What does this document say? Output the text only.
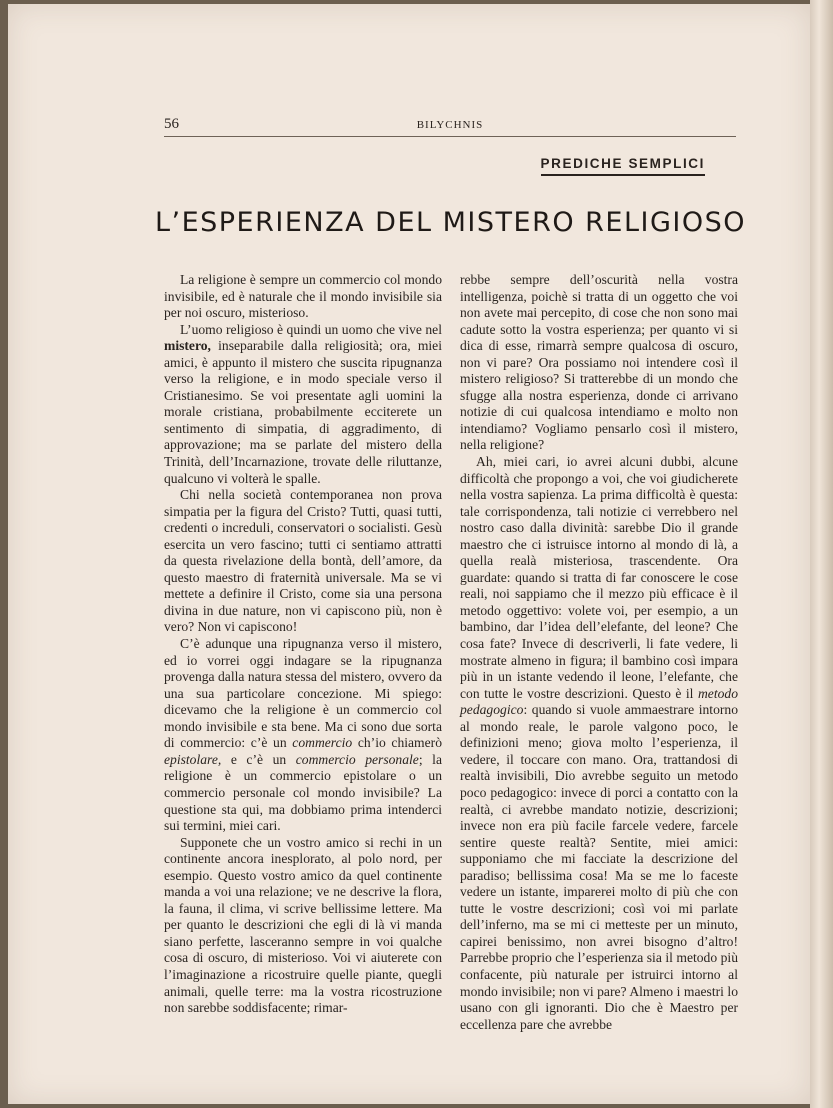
56	BILYCHNIS
PREDICHE SEMPLICI
L’ESPERIENZA DEL MISTERO RELIGIOSO

La religione è sempre un commercio col mondo invisibile, ed è naturale che il mondo invisibile sia per noi oscuro, misterioso.

L’uomo religioso è quindi un uomo che vive nel mistero, inseparabile dalla religiosità; ora, miei amici, è appunto il mistero che suscita ripugnanza verso la religione, e in modo speciale verso il Cristianesimo. Se voi presentate agli uomini la morale cristiana, probabilmente ecciterete un sentimento di simpatia, di aggradimento, di approvazione; ma se parlate del mistero della Trinità, dell’Incarnazione, trovate delle riluttanze, qualcuno vi volterà le spalle.

Chi nella società contemporanea non prova simpatia per la figura del Cristo? Tutti, quasi tutti, credenti o increduli, conservatori o socialisti. Gesù esercita un vero fascino; tutti ci sentiamo attratti da questa rivelazione della bontà, dell’amore, da questo maestro di fraternità universale. Ma se vi mettete a definire il Cristo, come sia una persona divina in due nature, non vi capiscono più, non è vero? Non vi capiscono!

C’è adunque una ripugnanza verso il mistero, ed io vorrei oggi indagare se la ripugnanza provenga dalla natura stessa del mistero, ovvero da una sua particolare concezione. Mi spiego: dicevamo che la religione è un commercio col mondo invisibile e sta bene. Ma ci sono due sorta di commercio: c’è un commercio ch’io chiamerò epistolare, e c’è un commercio personale; la religione è un commercio epistolare o un commercio personale col mondo invisibile? La questione sta qui, ma dobbiamo prima intenderci sui termini, miei cari.

Supponete che un vostro amico si rechi in un continente ancora inesplorato, al polo nord, per esempio. Questo vostro amico da quel continente manda a voi una relazione; ve ne descrive la flora, la fauna, il clima, vi scrive bellissime lettere. Ma per quanto le descrizioni che egli di là vi manda siano perfette, lasceranno sempre in voi qualche cosa di oscuro, di misterioso. Voi vi aiuterete con l’imaginazione a ricostruire quelle piante, quegli animali, quelle terre: ma la vostra ricostruzione non sarebbe soddisfacente; rimar-

rebbe sempre dell’oscurità nella vostra intelligenza, poichè si tratta di un oggetto che voi non avete mai percepito, di cose che non sono mai cadute sotto la vostra esperienza; per quanto vi si dica di esse, rimarrà sempre qualcosa di oscuro, non vi pare? Ora possiamo noi intendere così il mistero religioso? Si tratterebbe di un mondo che sfugge alla nostra esperienza, donde ci arrivano notizie di cui qualcosa intendiamo e molto non intendiamo? Vogliamo pensarlo così il mistero, nella religione?

Ah, miei cari, io avrei alcuni dubbi, alcune difficoltà che propongo a voi, che voi giudicherete nella vostra sapienza. La prima difficoltà è questa: tale corrispondenza, tali notizie ci verrebbero nel nostro caso dalla divinità: sarebbe Dio il grande maestro che ci istruisce intorno al mondo di là, a quella realà misteriosa, trascendente. Ora guardate: quando si tratta di far conoscere le cose reali, noi sappiamo che il mezzo più efficace è il metodo oggettivo: volete voi, per esempio, a un bambino, dar l’idea dell’elefante, del leone? Che cosa fate? Invece di descriverli, li fate vedere, li mostrate almeno in figura; il bambino così impara più in un istante vedendo il leone, l’elefante, che con tutte le vostre descrizioni. Questo è il metodo pedagogico: quando si vuole ammaestrare intorno al mondo reale, le parole valgono poco, le definizioni meno; giova molto l’esperienza, il vedere, il toccare con mano. Ora, trattandosi di realtà invisibili, Dio avrebbe seguito un metodo poco pedagogico: invece di porci a contatto con la realtà, ci avrebbe mandato notizie, descrizioni; invece non era più facile farcele vedere, farcele sentire queste realtà? Sentite, miei amici: supponiamo che mi facciate la descrizione del paradiso; bellissima cosa! Ma se me lo faceste vedere un istante, imparerei molto di più che con tutte le vostre descrizioni; così voi mi parlate dell’inferno, ma se mi ci metteste per un minuto, capirei benissimo, non avrei bisogno d’altro! Parrebbe proprio che l’esperienza sia il metodo più confacente, più naturale per istruirci intorno al mondo invisibile; non vi pare? Almeno i maestri lo usano con gli ignoranti. Dio che è Maestro per eccellenza pare che avrebbe
